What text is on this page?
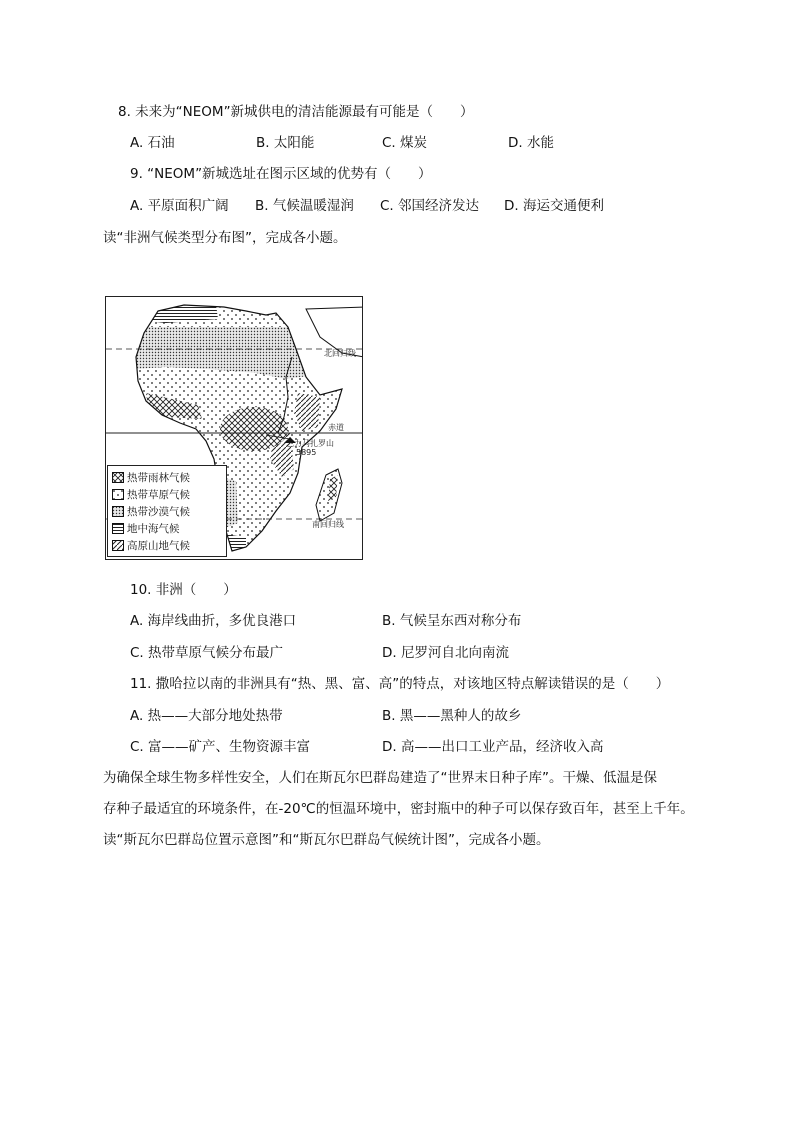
8. 未来为“NEOM”新城供电的清洁能源最有可能是（　　）
A. 石油	B. 太阳能	C. 煤炭	D. 水能
9. “NEOM”新城选址在图示区域的优势有（　　）
A. 平原面积广阔	B. 气候温暖湿润	C. 邻国经济发达	D. 海运交通便利
读“非洲气候类型分布图”，完成各小题。
北回归线
赤道
乞力马扎罗山
5895
南回归线
热带雨林气候
热带草原气候
热带沙漠气候
地中海气候
高原山地气候
10. 非洲（　　）
A. 海岸线曲折，多优良港口	B. 气候呈东西对称分布
C. 热带草原气候分布最广	D. 尼罗河自北向南流
11. 撒哈拉以南的非洲具有“热、黑、富、高”的特点，对该地区特点解读错误的是（　　）
A. 热——大部分地处热带	B. 黑——黑种人的故乡
C. 富——矿产、生物资源丰富	D. 高——出口工业产品，经济收入高
为确保全球生物多样性安全，人们在斯瓦尔巴群岛建造了“世界末日种子库”。干燥、低温是保
存种子最适宜的环境条件，在-20℃的恒温环境中，密封瓶中的种子可以保存致百年，甚至上千年。
读“斯瓦尔巴群岛位置示意图”和“斯瓦尔巴群岛气候统计图”，完成各小题。
